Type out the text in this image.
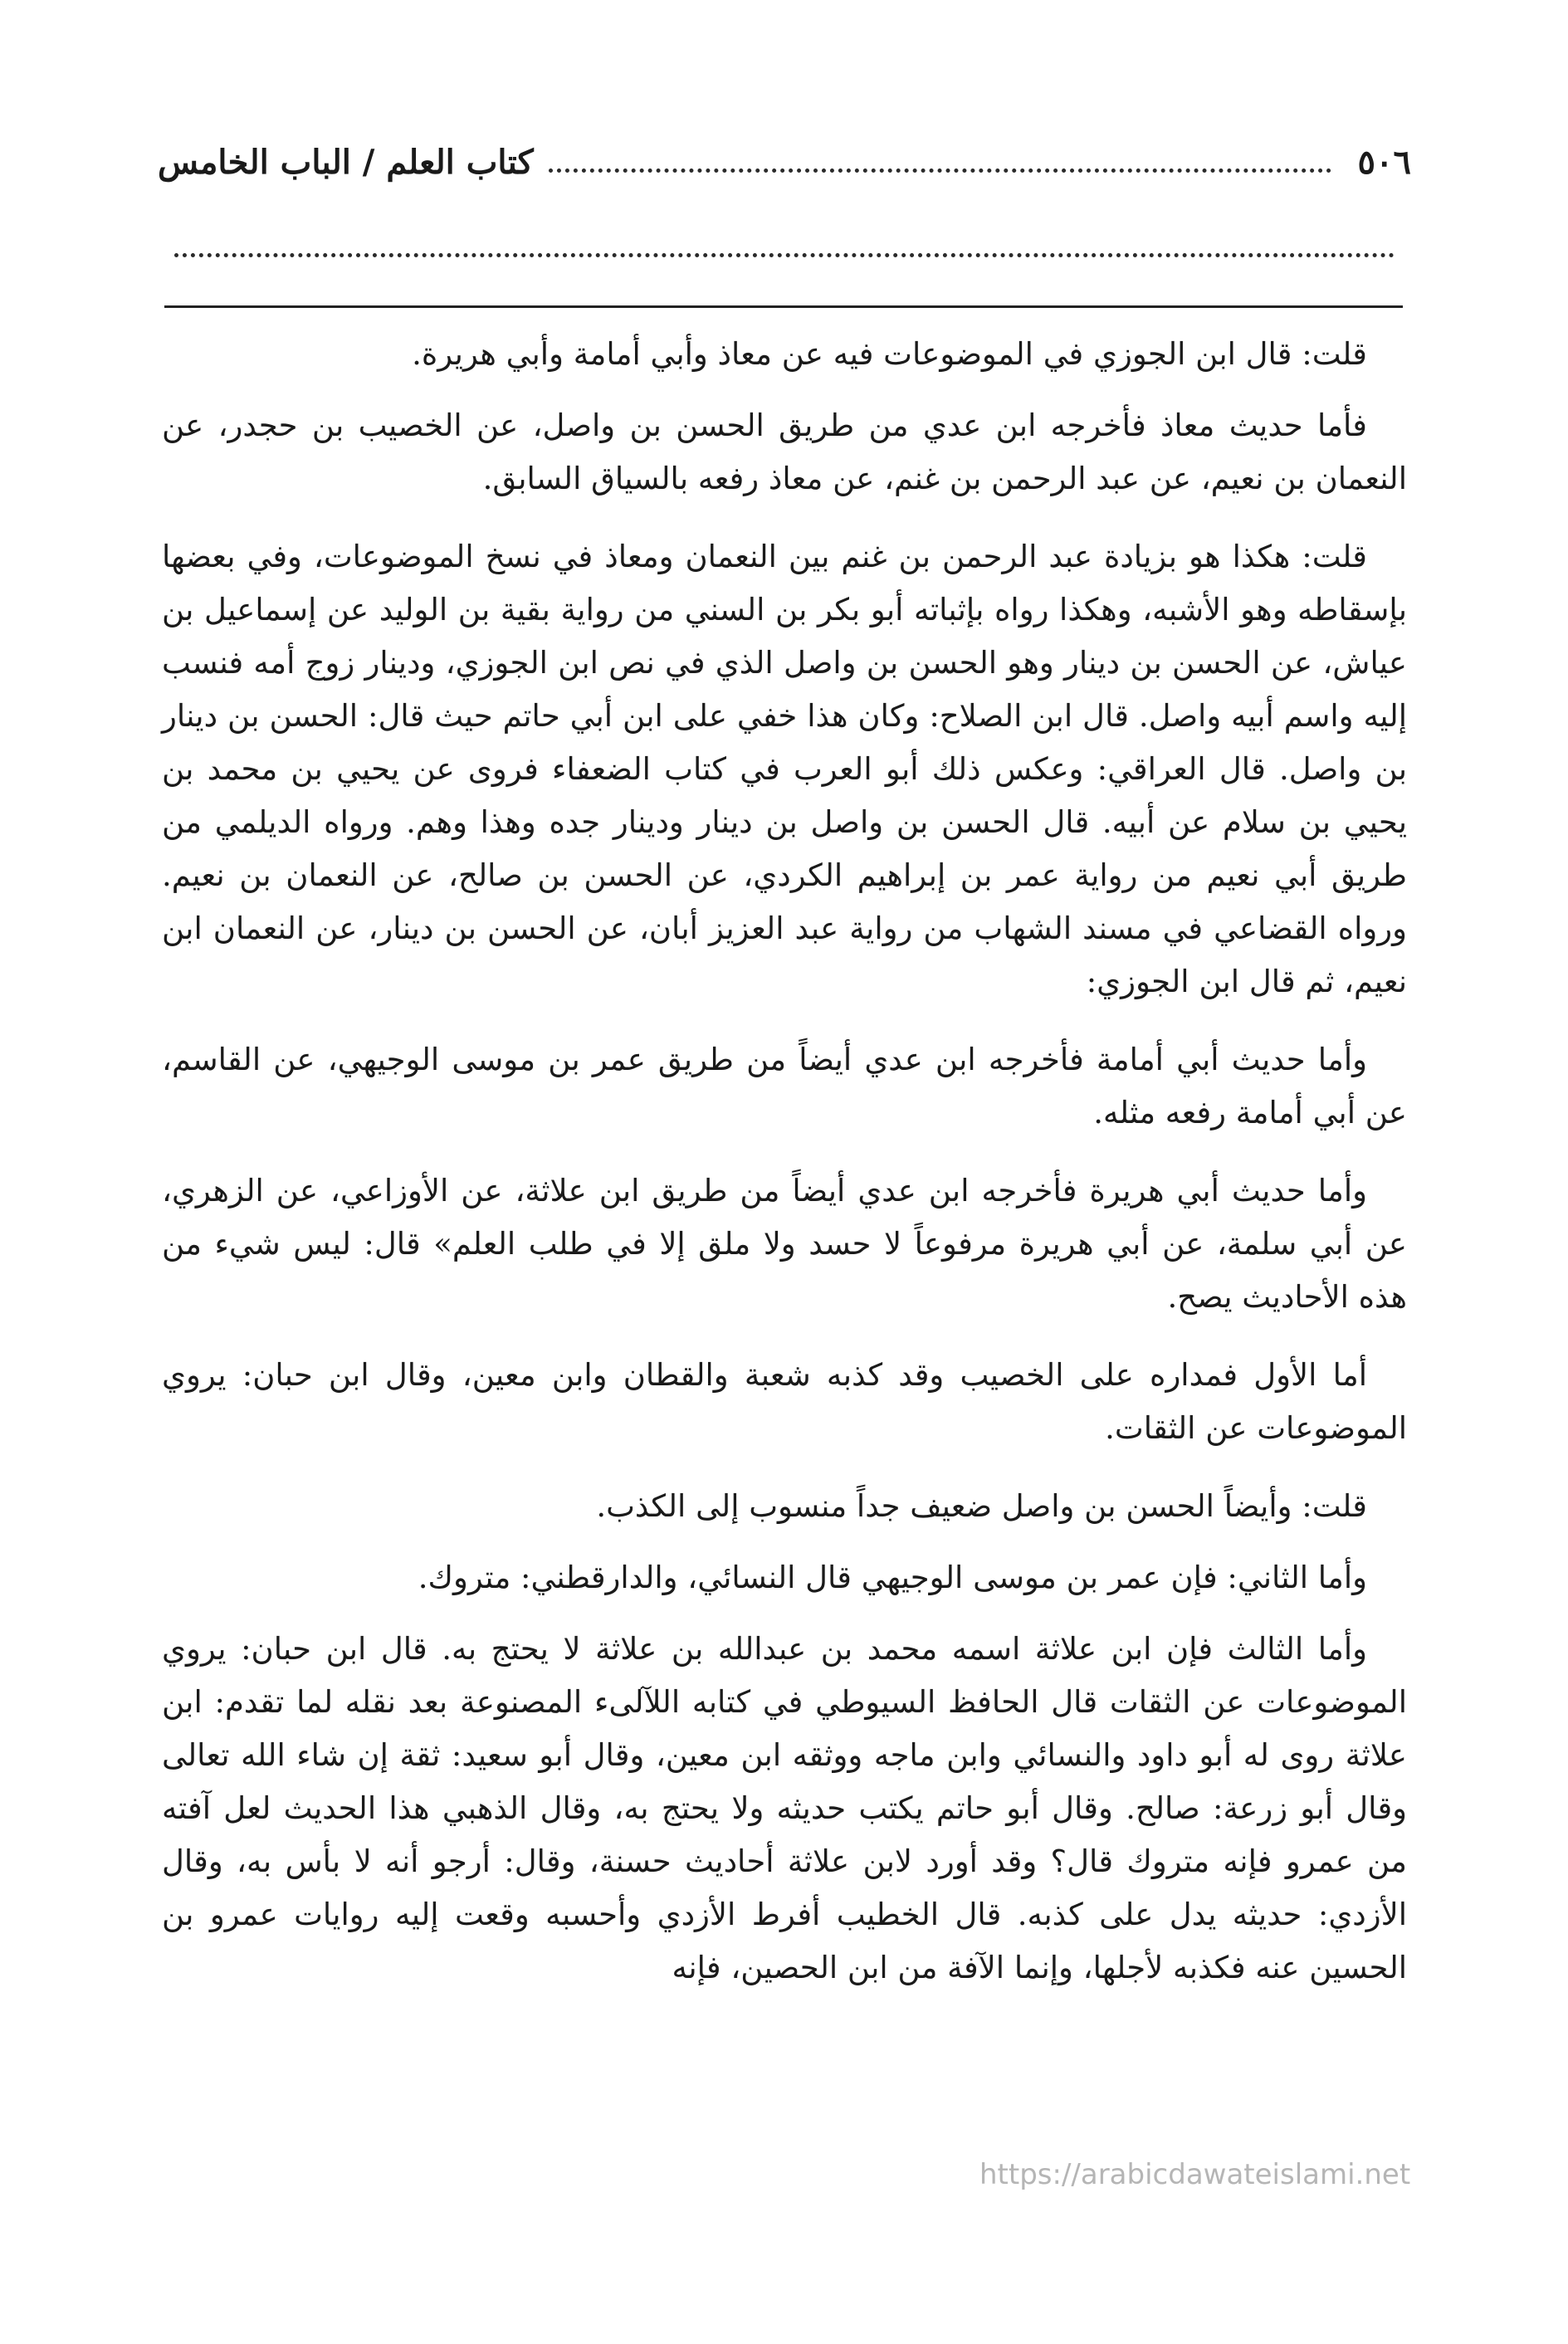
٥٠٦
كتاب العلم / الباب الخامس

قلت: قال ابن الجوزي في الموضوعات فيه عن معاذ وأبي أمامة وأبي هريرة.

فأما حديث معاذ فأخرجه ابن عدي من طريق الحسن بن واصل، عن الخصيب بن حجدر، عن النعمان بن نعيم، عن عبد الرحمن بن غنم، عن معاذ رفعه بالسياق السابق.

قلت: هكذا هو بزيادة عبد الرحمن بن غنم بين النعمان ومعاذ في نسخ الموضوعات، وفي بعضها بإسقاطه وهو الأشبه، وهكذا رواه بإثباته أبو بكر بن السني من رواية بقية بن الوليد عن إسماعيل بن عياش، عن الحسن بن دينار وهو الحسن بن واصل الذي في نص ابن الجوزي، ودينار زوج أمه فنسب إليه واسم أبيه واصل. قال ابن الصلاح: وكان هذا خفي على ابن أبي حاتم حيث قال: الحسن بن دينار بن واصل. قال العراقي: وعكس ذلك أبو العرب في كتاب الضعفاء فروى عن يحيي بن محمد بن يحيي بن سلام عن أبيه. قال الحسن بن واصل بن دينار ودينار جده وهذا وهم. ورواه الديلمي من طريق أبي نعيم من رواية عمر بن إبراهيم الكردي، عن الحسن بن صالح، عن النعمان بن نعيم. ورواه القضاعي في مسند الشهاب من رواية عبد العزيز أبان، عن الحسن بن دينار، عن النعمان ابن نعيم، ثم قال ابن الجوزي:

وأما حديث أبي أمامة فأخرجه ابن عدي أيضاً من طريق عمر بن موسى الوجيهي، عن القاسم، عن أبي أمامة رفعه مثله.

وأما حديث أبي هريرة فأخرجه ابن عدي أيضاً من طريق ابن علاثة، عن الأوزاعي، عن الزهري، عن أبي سلمة، عن أبي هريرة مرفوعاً لا حسد ولا ملق إلا في طلب العلم» قال: ليس شيء من هذه الأحاديث يصح.

أما الأول فمداره على الخصيب وقد كذبه شعبة والقطان وابن معين، وقال ابن حبان: يروي الموضوعات عن الثقات.

قلت: وأيضاً الحسن بن واصل ضعيف جداً منسوب إلى الكذب.

وأما الثاني: فإن عمر بن موسى الوجيهي قال النسائي، والدارقطني: متروك.

وأما الثالث فإن ابن علاثة اسمه محمد بن عبدالله بن علاثة لا يحتج به. قال ابن حبان: يروي الموضوعات عن الثقات قال الحافظ السيوطي في كتابه اللآلىء المصنوعة بعد نقله لما تقدم: ابن علاثة روى له أبو داود والنسائي وابن ماجه ووثقه ابن معين، وقال أبو سعيد: ثقة إن شاء الله تعالى وقال أبو زرعة: صالح. وقال أبو حاتم يكتب حديثه ولا يحتج به، وقال الذهبي هذا الحديث لعل آفته من عمرو فإنه متروك قال؟ وقد أورد لابن علاثة أحاديث حسنة، وقال: أرجو أنه لا بأس به، وقال الأزدي: حديثه يدل على كذبه. قال الخطيب أفرط الأزدي وأحسبه وقعت إليه روايات عمرو بن الحسين عنه فكذبه لأجلها، وإنما الآفة من ابن الحصين، فإنه

https://arabicdawateislami.net
